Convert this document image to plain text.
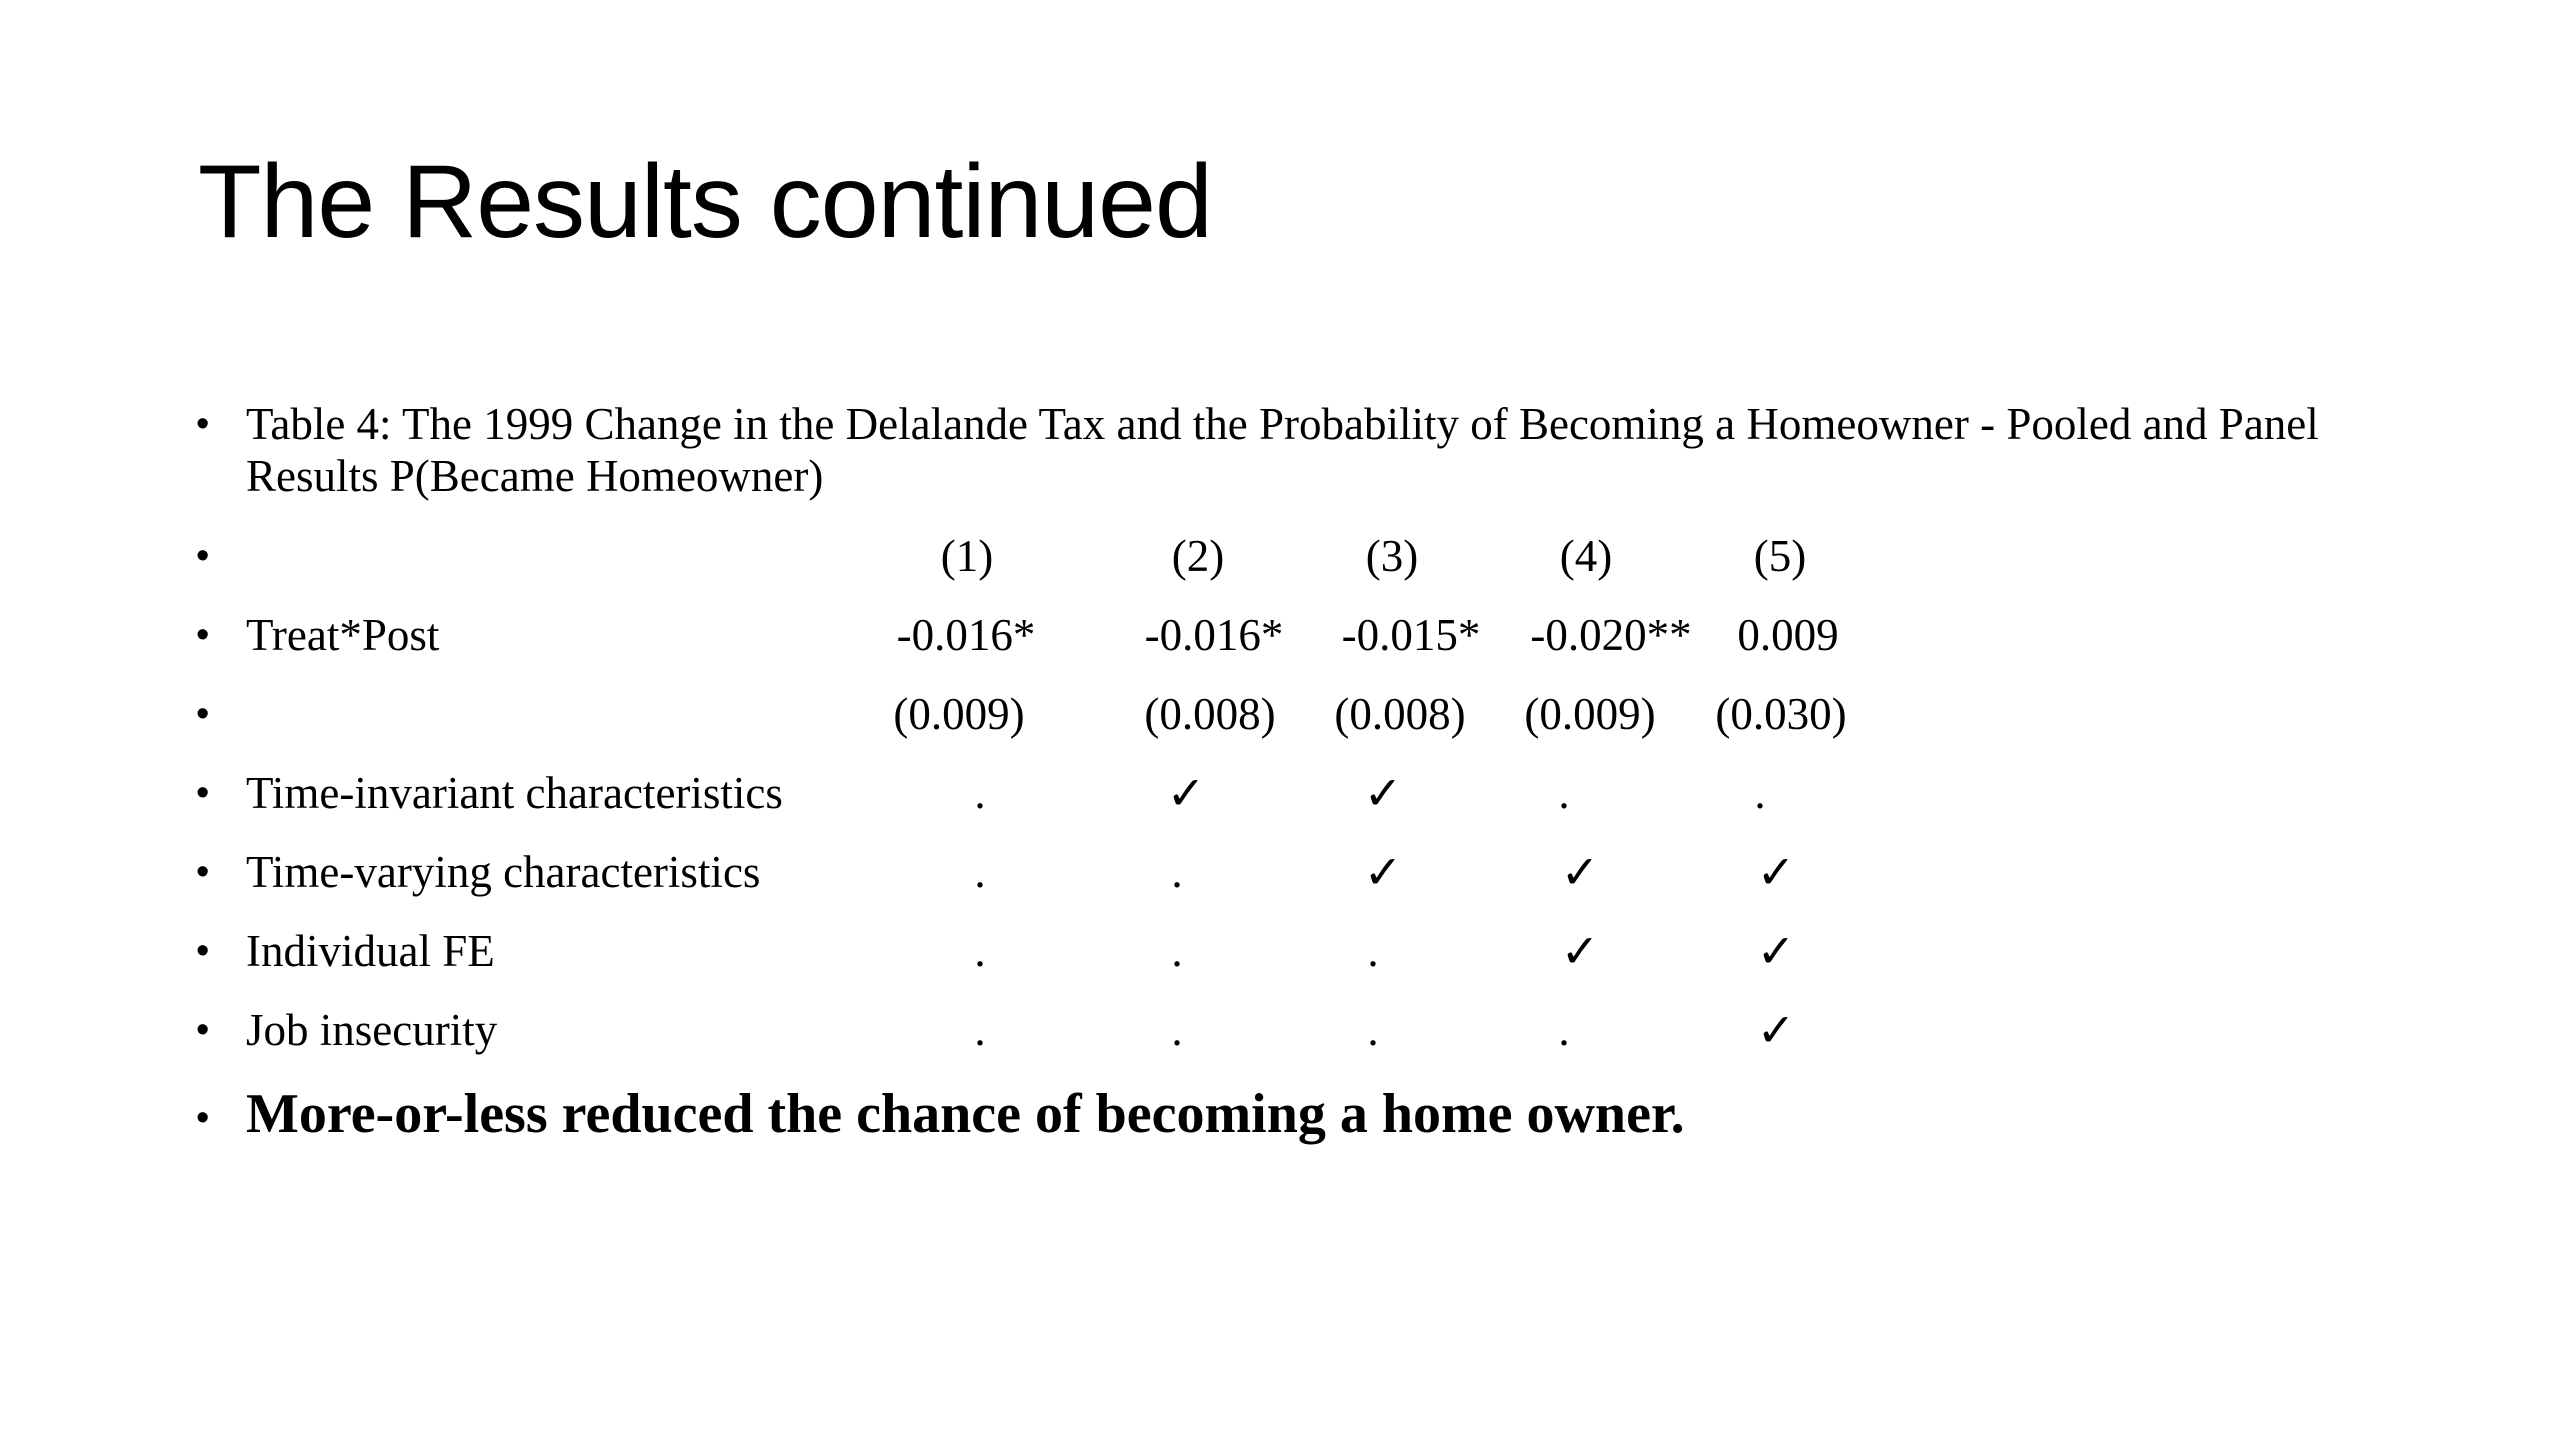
The Results continued
• Table 4: The 1999 Change in the Delalande Tax and the Probability of Becoming a Homeowner - Pooled and Panel Results P(Became Homeowner)
•	(1)	(2)	(3)	(4)	(5)
• Treat*Post	-0.016*	-0.016*	-0.015*	-0.020**	0.009
•	(0.009)	(0.008)	(0.008)	(0.009)	(0.030)
• Time-invariant characteristics	.	✓	✓	.	.
• Time-varying characteristics	.	.	✓	✓	✓
• Individual FE	.	.	.	✓	✓
• Job insecurity	.	.	.	.	✓
• More-or-less reduced the chance of becoming a home owner.
